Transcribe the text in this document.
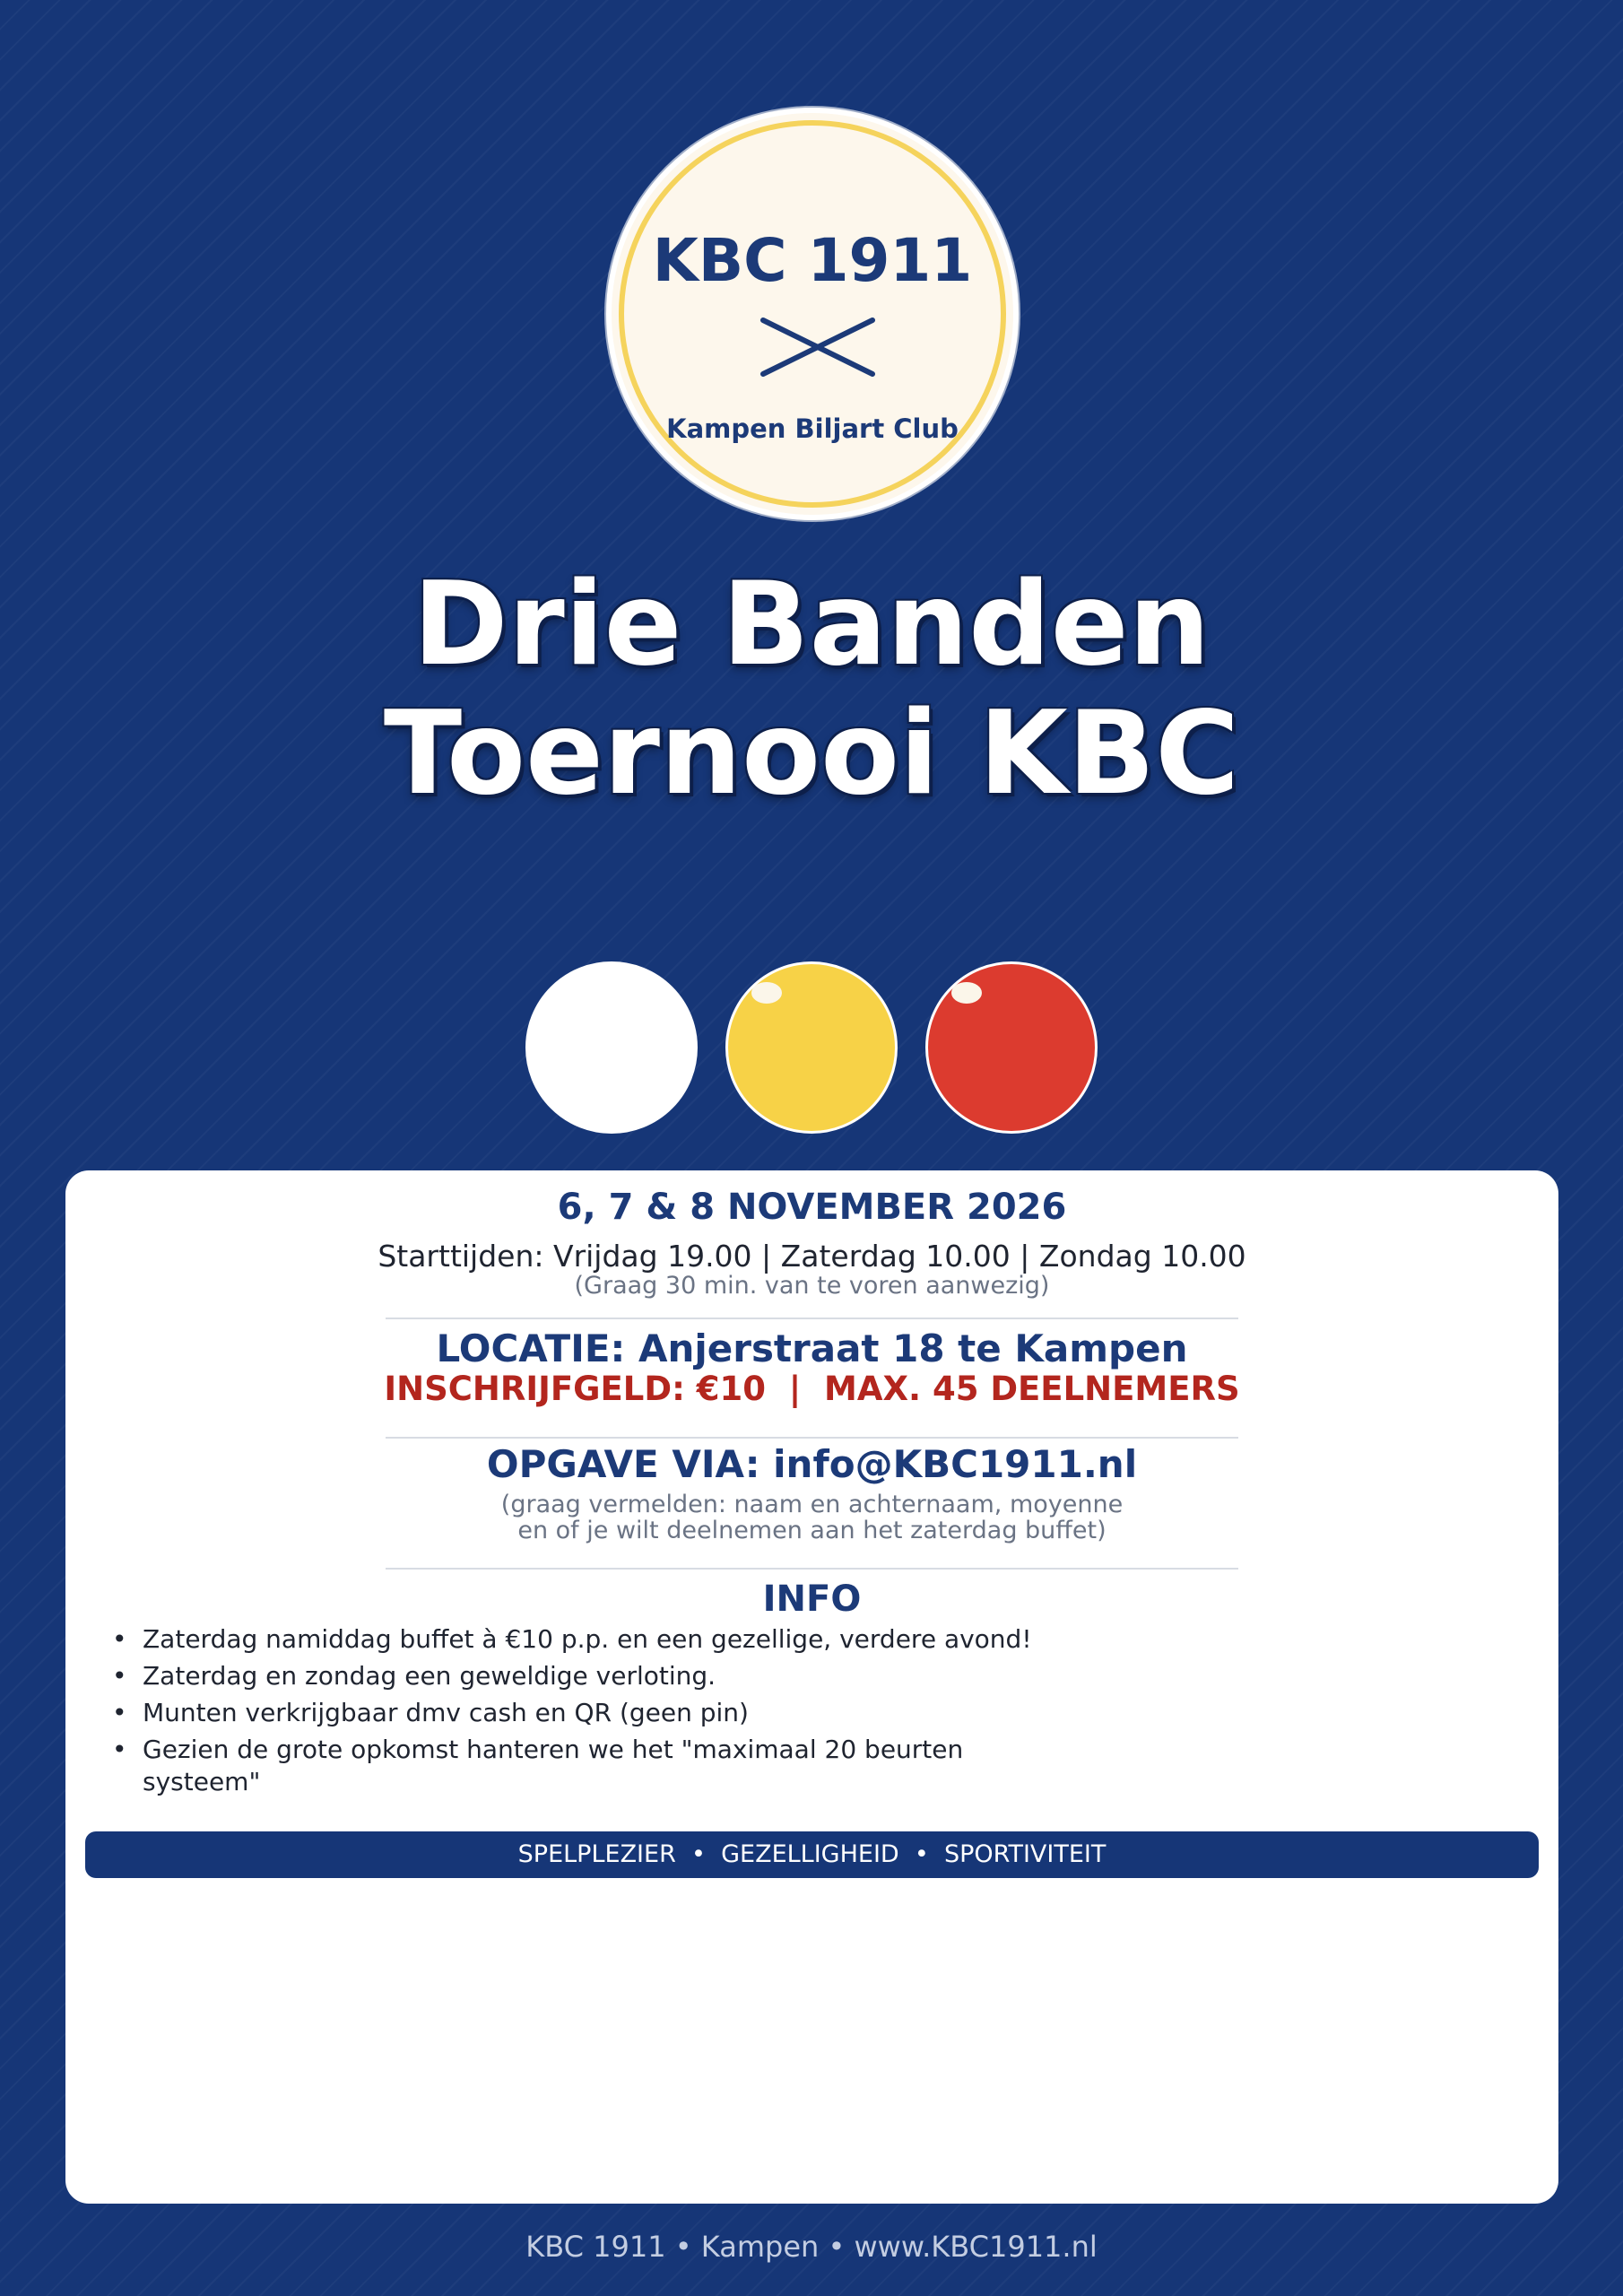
KBC 1911
Kampen Biljart Club
Drie Banden
Toernooi KBC
6, 7 & 8 NOVEMBER 2026
Starttijden: Vrijdag 19.00 | Zaterdag 10.00 | Zondag 10.00
(Graag 30 min. van te voren aanwezig)
LOCATIE: Anjerstraat 18 te Kampen
INSCHRIJFGELD: €10  |  MAX. 45 DEELNEMERS
OPGAVE VIA: info@KBC1911.nl
(graag vermelden: naam en achternaam, moyenne
en of je wilt deelnemen aan het zaterdag buffet)
INFO
• Zaterdag namiddag buffet à €10 p.p. en een gezellige, verdere avond!
• Zaterdag en zondag een geweldige verloting.
• Munten verkrijgbaar dmv cash en QR (geen pin)
• Gezien de grote opkomst hanteren we het "maximaal 20 beurten systeem"
SPELPLEZIER  •  GEZELLIGHEID  •  SPORTIVITEIT
KBC 1911 • Kampen • www.KBC1911.nl
